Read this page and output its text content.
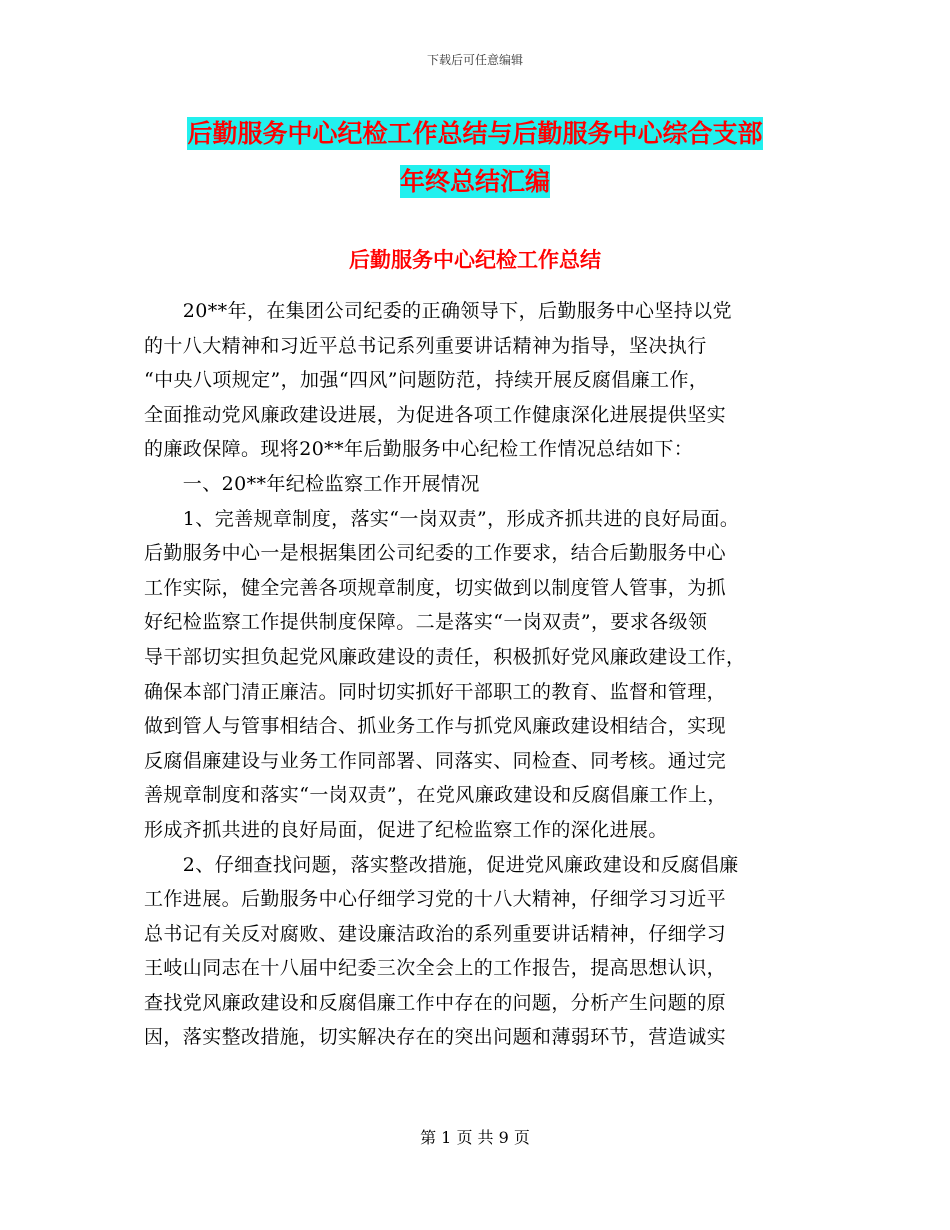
下载后可任意编辑
后勤服务中心纪检工作总结与后勤服务中心综合支部
年终总结汇编
后勤服务中心纪检工作总结
　　20**年，在集团公司纪委的正确领导下，后勤服务中心坚持以党
的十八大精神和习近平总书记系列重要讲话精神为指导，坚决执行
“中央八项规定”，加强“四风”问题防范，持续开展反腐倡廉工作，
全面推动党风廉政建设进展，为促进各项工作健康深化进展提供坚实
的廉政保障。现将20**年后勤服务中心纪检工作情况总结如下：
　　一、20**年纪检监察工作开展情况
　　1、完善规章制度，落实“一岗双责”，形成齐抓共进的良好局面。
后勤服务中心一是根据集团公司纪委的工作要求，结合后勤服务中心
工作实际，健全完善各项规章制度，切实做到以制度管人管事，为抓
好纪检监察工作提供制度保障。二是落实“一岗双责”，要求各级领
导干部切实担负起党风廉政建设的责任，积极抓好党风廉政建设工作，
确保本部门清正廉洁。同时切实抓好干部职工的教育、监督和管理，
做到管人与管事相结合、抓业务工作与抓党风廉政建设相结合，实现
反腐倡廉建设与业务工作同部署、同落实、同检查、同考核。通过完
善规章制度和落实“一岗双责”，在党风廉政建设和反腐倡廉工作上，
形成齐抓共进的良好局面，促进了纪检监察工作的深化进展。
　　2、仔细查找问题，落实整改措施，促进党风廉政建设和反腐倡廉
工作进展。后勤服务中心仔细学习党的十八大精神，仔细学习习近平
总书记有关反对腐败、建设廉洁政治的系列重要讲话精神，仔细学习
王岐山同志在十八届中纪委三次全会上的工作报告，提高思想认识，
查找党风廉政建设和反腐倡廉工作中存在的问题，分析产生问题的原
因，落实整改措施，切实解决存在的突出问题和薄弱环节，营造诚实
第 1 页 共 9 页
